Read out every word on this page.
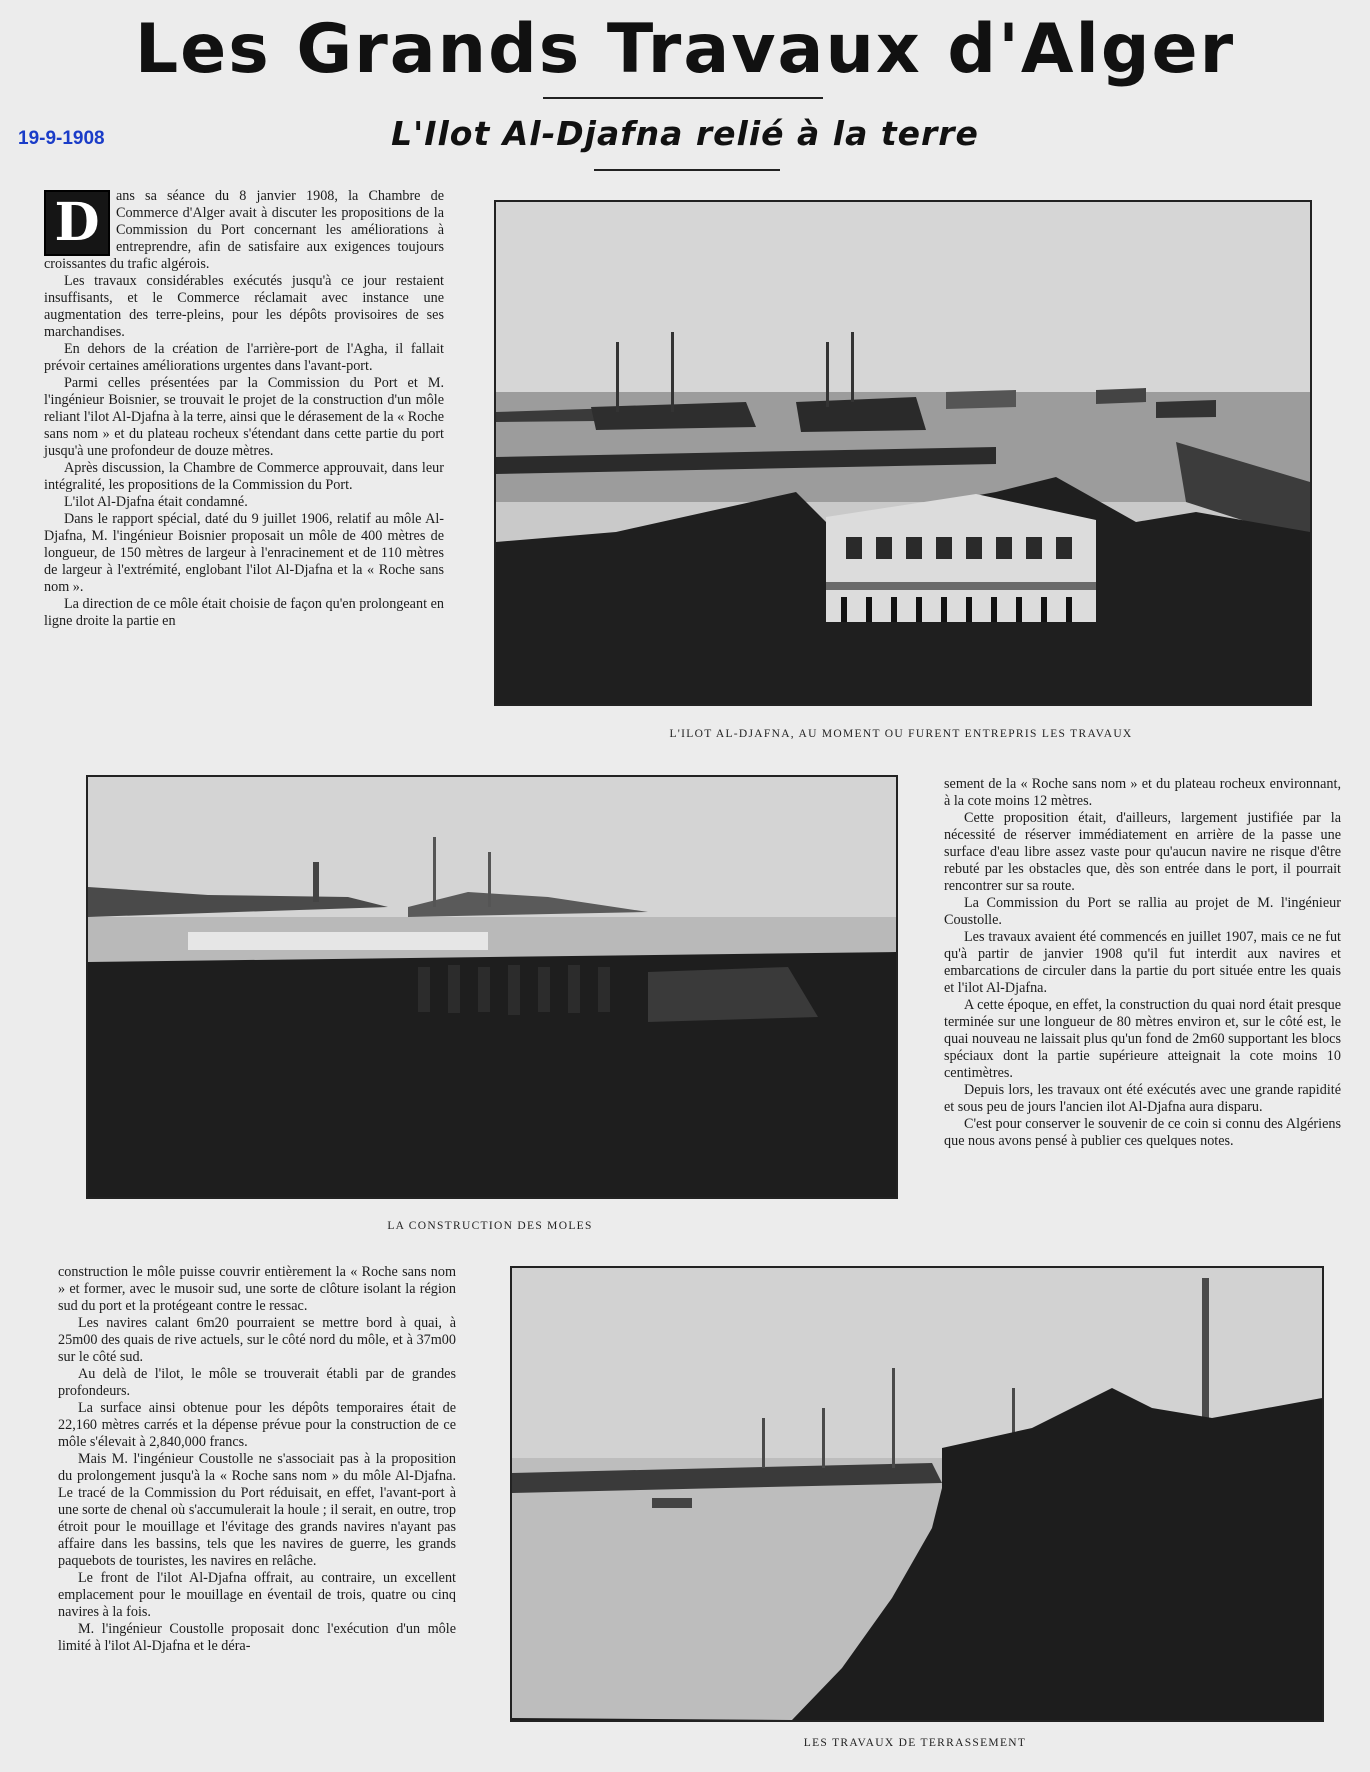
Les Grands Travaux d'Alger
19-9-1908	L'Ilot Al-Djafna relié à la terre

D	ans sa séance du 8 janvier 1908, la Chambre de Commerce d'Alger avait à discuter les propositions de la Commission du Port concernant les améliorations à entreprendre, afin de satisfaire aux exigences toujours croissantes du trafic algérois.

Les travaux considérables exécutés jusqu'à ce jour restaient insuffisants, et le Commerce réclamait avec instance une augmentation des terre-pleins, pour les dépôts provisoires de ses marchandises.

En dehors de la création de l'arrière-port de l'Agha, il fallait prévoir certaines améliorations urgentes dans l'avant-port.

Parmi celles présentées par la Commission du Port et M. l'ingénieur Boisnier, se trouvait le projet de la construction d'un môle reliant l'ilot Al-Djafna à la terre, ainsi que le dérasement de la « Roche sans nom » et du plateau rocheux s'étendant dans cette partie du port jusqu'à une profondeur de douze mètres.

Après discussion, la Chambre de Commerce approuvait, dans leur intégralité, les propositions de la Commission du Port.

L'ilot Al-Djafna était condamné.

Dans le rapport spécial, daté du 9 juillet 1906, relatif au môle Al-Djafna, M. l'ingénieur Boisnier proposait un môle de 400 mètres de longueur, de 150 mètres de largeur à l'enracinement et de 110 mètres de largeur à l'extrémité, englobant l'ilot Al-Djafna et la « Roche sans nom ».

La direction de ce môle était choisie de façon qu'en prolongeant en ligne droite la partie en

L'ILOT AL-DJAFNA, AU MOMENT OU FURENT ENTREPRIS LES TRAVAUX
LA CONSTRUCTION DES MOLES

sement de la « Roche sans nom » et du plateau rocheux environnant, à la cote moins 12 mètres.

Cette proposition était, d'ailleurs, largement justifiée par la nécessité de réserver immédiatement en arrière de la passe une surface d'eau libre assez vaste pour qu'aucun navire ne risque d'être rebuté par les obstacles que, dès son entrée dans le port, il pourrait rencontrer sur sa route.

La Commission du Port se rallia au projet de M. l'ingénieur Coustolle.

Les travaux avaient été commencés en juillet 1907, mais ce ne fut qu'à partir de janvier 1908 qu'il fut interdit aux navires et embarcations de circuler dans la partie du port située entre les quais et l'ilot Al-Djafna.

A cette époque, en effet, la construction du quai nord était presque terminée sur une longueur de 80 mètres environ et, sur le côté est, le quai nouveau ne laissait plus qu'un fond de 2m60 supportant les blocs spéciaux dont la partie supérieure atteignait la cote moins 10 centimètres.

Depuis lors, les travaux ont été exécutés avec une grande rapidité et sous peu de jours l'ancien ilot Al-Djafna aura disparu.

C'est pour conserver le souvenir de ce coin si connu des Algériens que nous avons pensé à publier ces quelques notes.

construction le môle puisse couvrir entièrement la « Roche sans nom » et former, avec le musoir sud, une sorte de clôture isolant la région sud du port et la protégeant contre le ressac.

Les navires calant 6m20 pourraient se mettre bord à quai, à 25m00 des quais de rive actuels, sur le côté nord du môle, et à 37m00 sur le côté sud.

Au delà de l'ilot, le môle se trouverait établi par de grandes profondeurs.

La surface ainsi obtenue pour les dépôts temporaires était de 22,160 mètres carrés et la dépense prévue pour la construction de ce môle s'élevait à 2,840,000 francs.

Mais M. l'ingénieur Coustolle ne s'associait pas à la proposition du prolongement jusqu'à la « Roche sans nom » du môle Al-Djafna. Le tracé de la Commission du Port réduisait, en effet, l'avant-port à une sorte de chenal où s'accumulerait la houle ; il serait, en outre, trop étroit pour le mouillage et l'évitage des grands navires n'ayant pas affaire dans les bassins, tels que les navires de guerre, les grands paquebots de touristes, les navires en relâche.

Le front de l'ilot Al-Djafna offrait, au contraire, un excellent emplacement pour le mouillage en éventail de trois, quatre ou cinq navires à la fois.

M. l'ingénieur Coustolle proposait donc l'exécution d'un môle limité à l'ilot Al-Djafna et le déra-

LES TRAVAUX DE TERRASSEMENT
